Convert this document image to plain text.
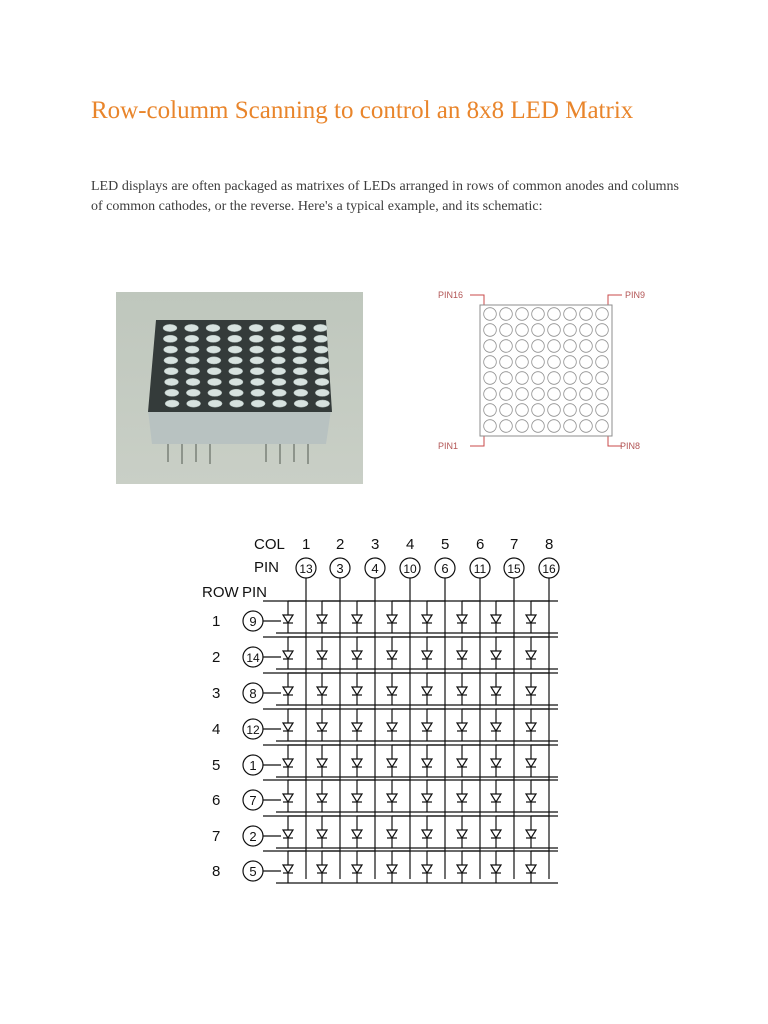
Row-columm Scanning to control an 8x8 LED Matrix

LED displays are often packaged as matrixes of LEDs arranged in rows of common anodes and columns of common cathodes, or the reverse. Here's a typical example, and its schematic:

PIN16	PIN9
PIN1	PIN8
COL
PIN
ROW PIN
1
13
2
3
3
4
4
10
5
6
6
11
7
15
8
16
1 9
2 14
3 8
4 12
5 1
6 7
7 2
8 5
